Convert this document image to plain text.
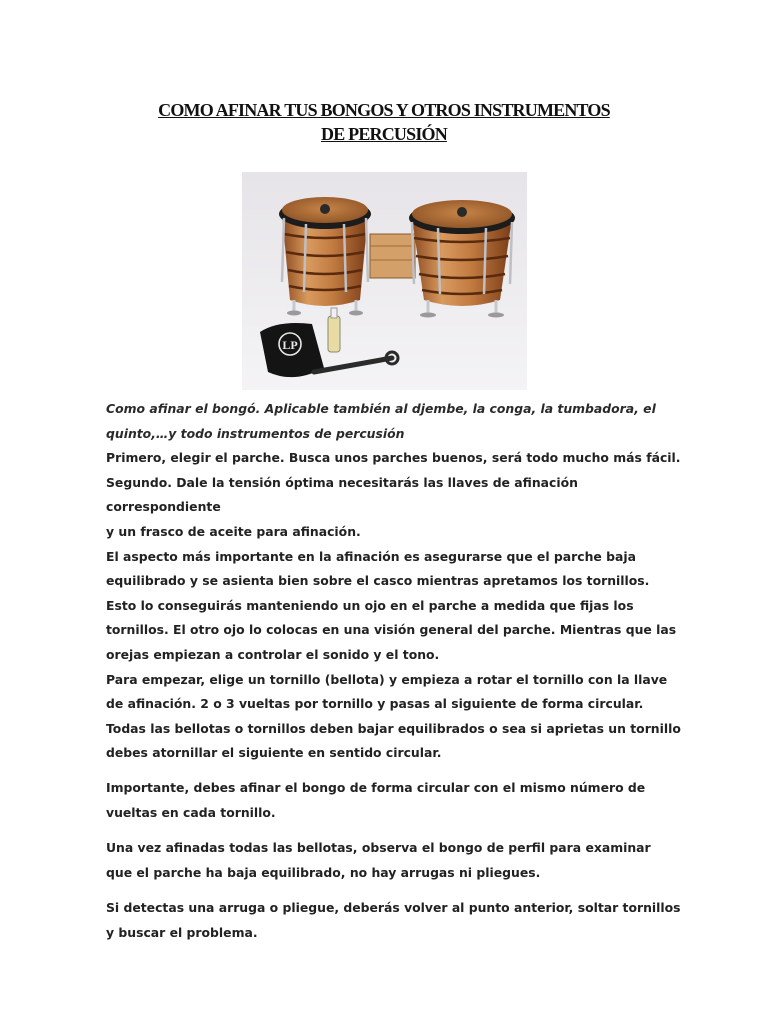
COMO AFINAR TUS BONGOS Y OTROS INSTRUMENTOS
DE PERCUSIÓN
LP

Como afinar el bongó. Aplicable también al djembe, la conga, la tumbadora, el quinto,…y todo instrumentos de percusión

Primero, elegir el parche. Busca unos parches buenos, será todo mucho más fácil.

Segundo. Dale la tensión óptima necesitarás las llaves de afinación correspondiente

y un frasco de aceite para afinación.

El aspecto más importante en la afinación es asegurarse que el parche baja equilibrado y se asienta bien sobre el casco mientras apretamos los tornillos.

Esto lo conseguirás manteniendo un ojo en el parche a medida que fijas los tornillos. El otro ojo lo colocas en una visión general del parche. Mientras que las orejas empiezan a controlar el sonido y el tono.

Para empezar, elige un tornillo (bellota) y empieza a rotar el tornillo con la llave de afinación. 2 o 3 vueltas por tornillo y pasas al siguiente de forma circular.

Todas las bellotas o tornillos deben bajar equilibrados o sea si aprietas un tornillo debes atornillar el siguiente en sentido circular.

Importante, debes afinar el bongo de forma circular con el mismo número de vueltas en cada tornillo.

Una vez afinadas todas las bellotas, observa el bongo de perfil para examinar que el parche ha baja equilibrado, no hay arrugas ni pliegues.

Si detectas una arruga o pliegue, deberás volver al punto anterior, soltar tornillos y buscar el problema.
